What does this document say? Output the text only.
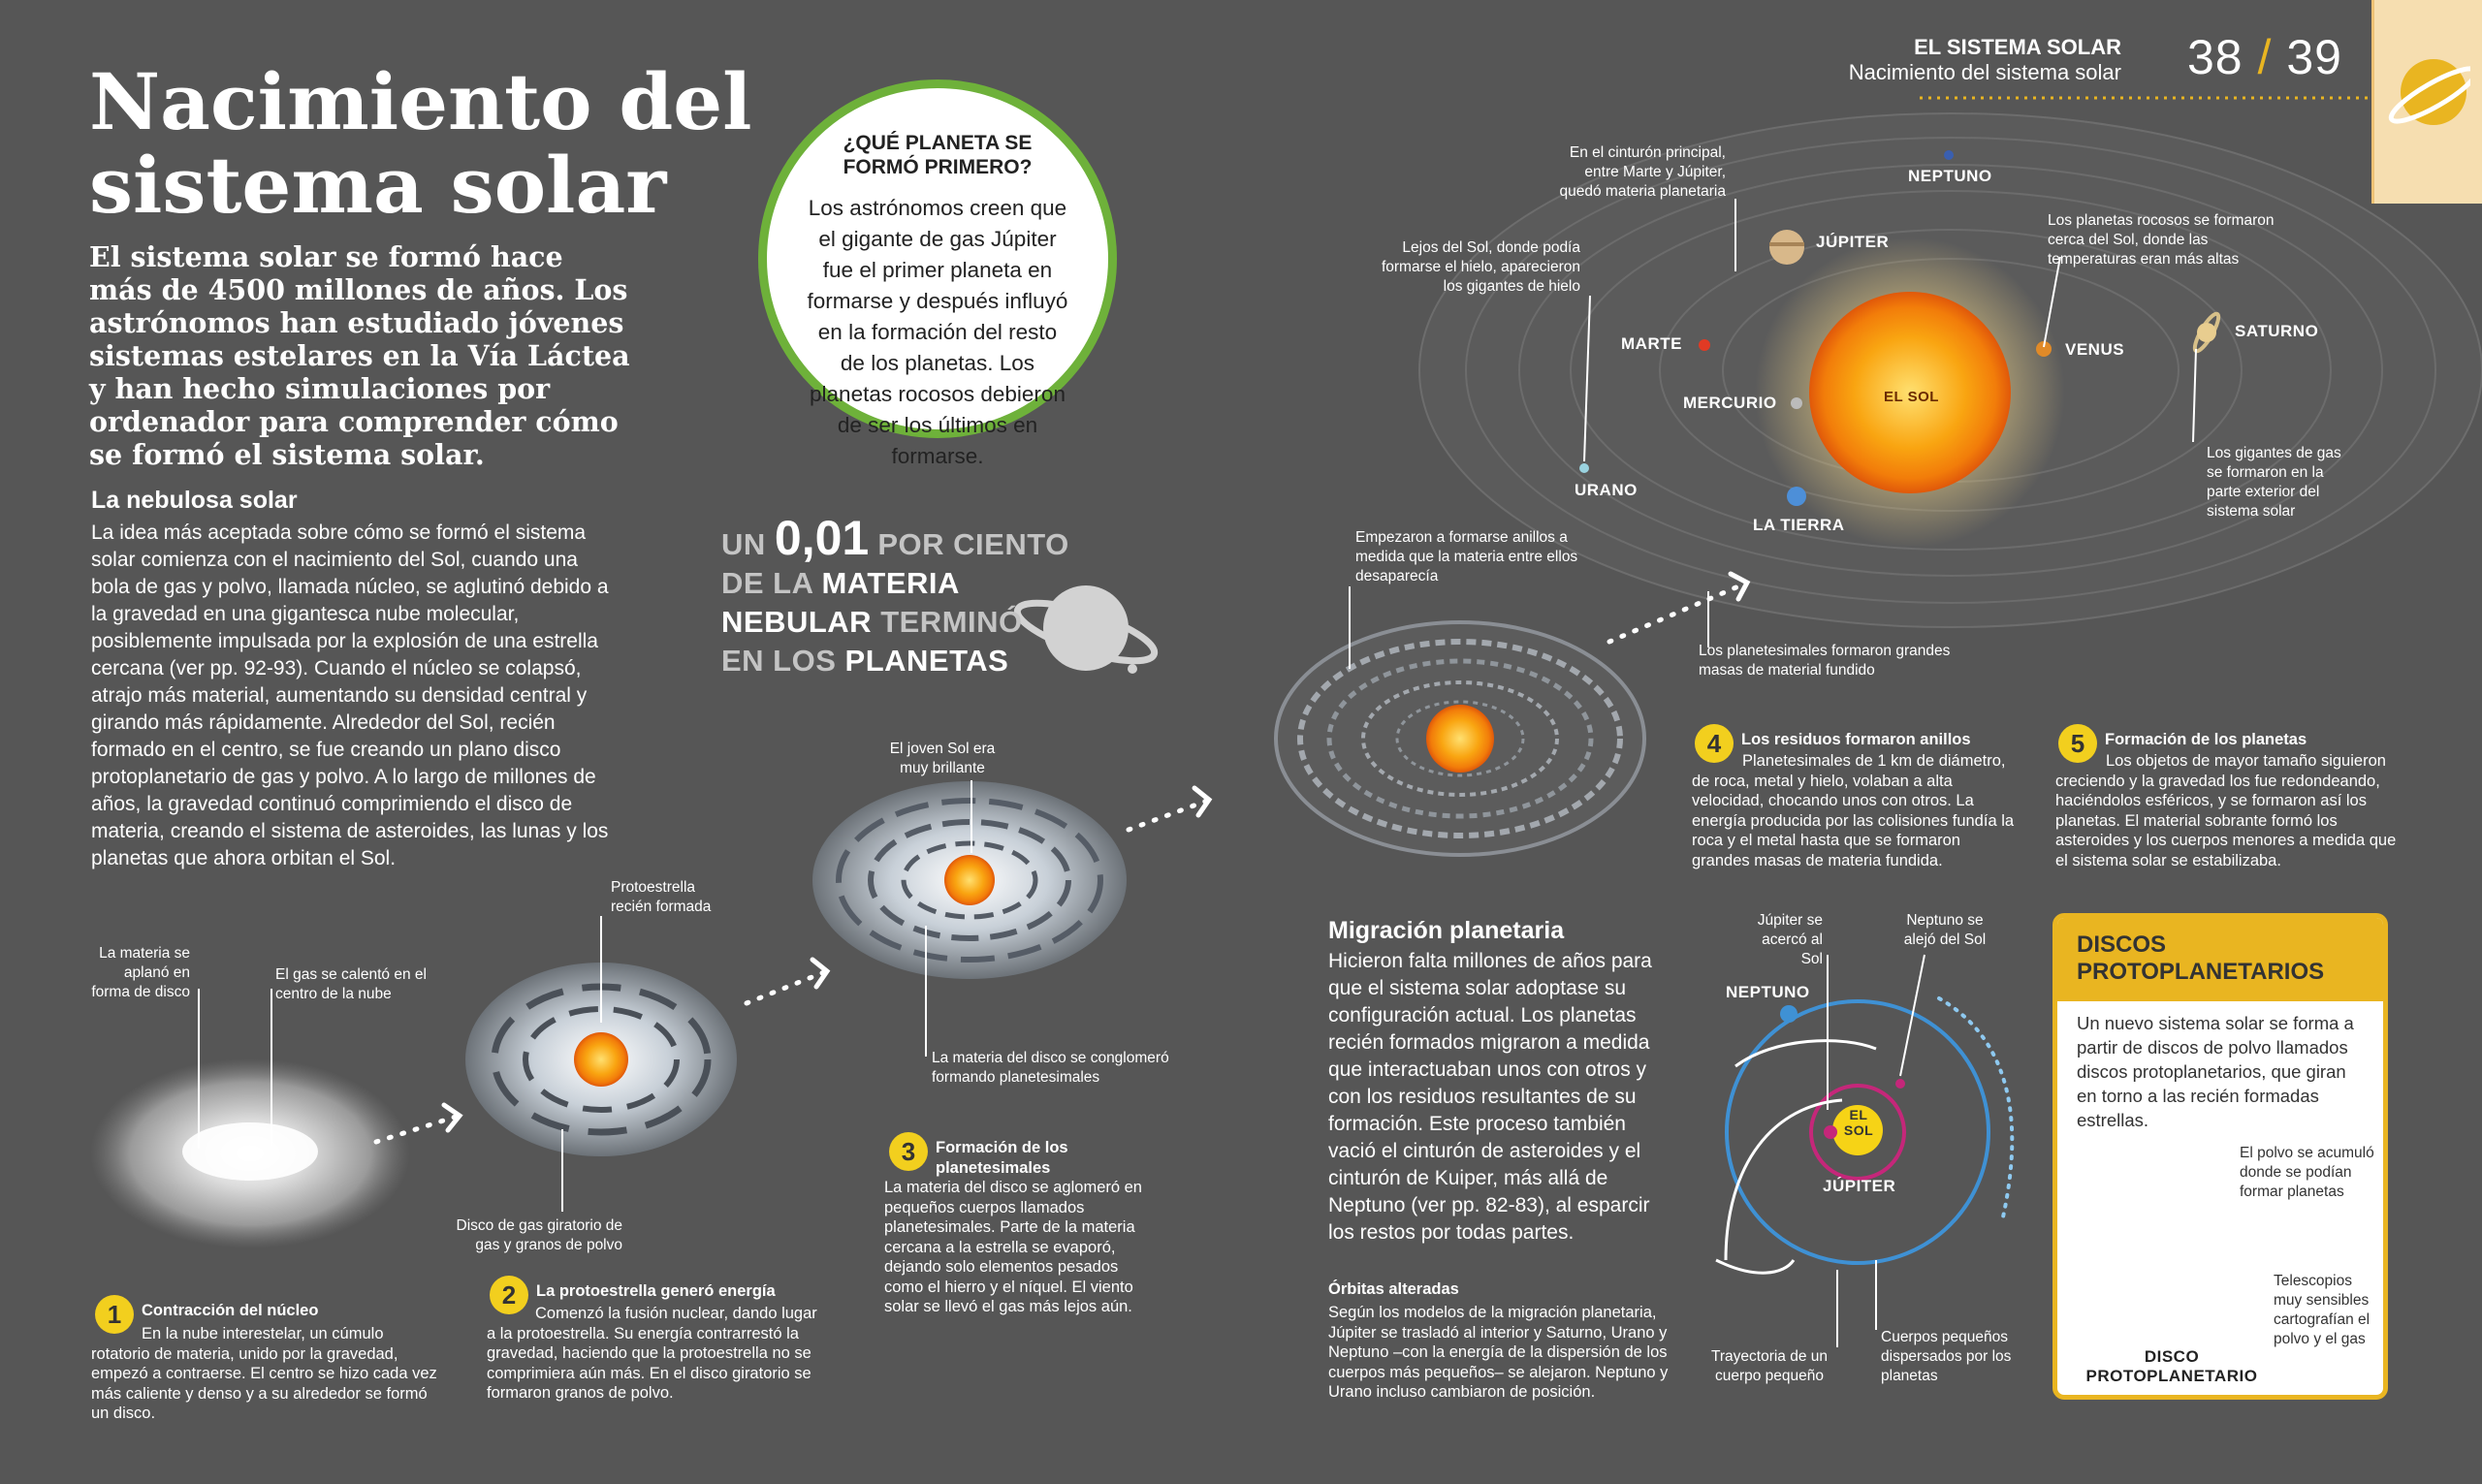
EL SISTEMA SOLAR
Nacimiento del sistema solar 38 / 39
Nacimiento del
sistema solar
El sistema solar se formó hace más de 4500 millones de años. Los astrónomos han estudiado jóvenes sistemas estelares en la Vía Láctea y han hecho simulaciones por ordenador para comprender cómo se formó el sistema solar.
La nebulosa solar
La idea más aceptada sobre cómo se formó el sistema solar comienza con el nacimiento del Sol, cuando una bola de gas y polvo, llamada núcleo, se aglutinó debido a la gravedad en una gigantesca nube molecular, posiblemente impulsada por la explosión de una estrella cercana (ver pp. 92-93). Cuando el núcleo se colapsó, atrajo más material, aumentando su densidad central y girando más rápidamente. Alrededor del Sol, recién formado en el centro, se fue creando un plano disco protoplanetario de gas y polvo. A lo largo de millones de años, la gravedad continuó comprimiendo el disco de materia, creando el sistema de asteroides, las lunas y los planetas que ahora orbitan el Sol.
¿QUÉ PLANETA SE FORMÓ PRIMERO?
Los astrónomos creen que el gigante de gas Júpiter fue el primer planeta en formarse y después influyó en la formación del resto de los planetas. Los planetas rocosos debieron de ser los últimos en formarse.
UN 0,01 POR CIENTO
DE LA MATERIA
NEBULAR TERMINÓ
EN LOS PLANETAS
La materia se aplanó en forma de disco
El gas se calentó en el centro de la nube
1	Contracción del núcleo
En la nube interestelar, un cúmulo rotatorio de materia, unido por la gravedad, empezó a contraerse. El centro se hizo cada vez más caliente y denso y a su alrededor se formó un disco.
Protoestrella recién formada
Disco de gas giratorio de gas y granos de polvo
2	La protoestrella generó energía
Comenzó la fusión nuclear, dando lugar a la protoestrella. Su energía contrarrestó la gravedad, haciendo que la protoestrella no se comprimiera aún más. En el disco giratorio se formaron granos de polvo.
El joven Sol era muy brillante
La materia del disco se conglomeró formando planetesimales
3	Formación de los planetesimales
La materia del disco se aglomeró en pequeños cuerpos llamados planetesimales. Parte de la materia cercana a la estrella se evaporó, dejando solo elementos pesados como el hierro y el níquel. El viento solar se llevó el gas más lejos aún.
Empezaron a formarse anillos a medida que la materia entre ellos desaparecía
Los planetesimales formaron grandes masas de material fundido
4	Los residuos formaron anillos
Planetesimales de 1 km de diámetro, de roca, metal y hielo, volaban a alta velocidad, chocando unos con otros. La energía producida por las colisiones fundía la roca y el metal hasta que se formaron grandes masas de materia fundida.
5	Formación de los planetas
Los objetos de mayor tamaño siguieron creciendo y la gravedad los fue redondeando, haciéndolos esféricos, y se formaron así los planetas. El material sobrante formó los asteroides y los cuerpos menores a medida que el sistema solar se estabilizaba.
EL SOL
NEPTUNO
JÚPITER
MARTE	VENUS
SATURNO
MERCURIO
URANO
LA TIERRA
En el cinturón principal, entre Marte y Júpiter, quedó materia planetaria
Lejos del Sol, donde podía formarse el hielo, aparecieron los gigantes de hielo
Los planetas rocosos se formaron cerca del Sol, donde las temperaturas eran más altas
Los gigantes de gas se formaron en la parte exterior del sistema solar
Migración planetaria
Hicieron falta millones de años para que el sistema solar adoptase su configuración actual. Los planetas recién formados migraron a medida que interactuaban unos con otros y con los residuos resultantes de su formación. Este proceso también vació el cinturón de asteroides y el cinturón de Kuiper, más allá de Neptuno (ver pp. 82-83), al esparcir los restos por todas partes.
Órbitas alteradas
Según los modelos de la migración planetaria, Júpiter se trasladó al interior y Saturno, Urano y Neptuno –con la energía de la dispersión de los cuerpos más pequeños– se alejaron. Neptuno y Urano incluso cambiaron de posición.
Júpiter se acercó al Sol
Neptuno se alejó del Sol
NEPTUNO
EL SOL
JÚPITER
Trayectoria de un cuerpo pequeño
Cuerpos pequeños dispersados por los planetas
DISCOS PROTOPLANETARIOS
Un nuevo sistema solar se forma a partir de discos de polvo llamados discos protoplanetarios, que giran en torno a las recién formadas estrellas.
El polvo se acumuló donde se podían formar planetas
Telescopios muy sensibles cartografían el polvo y el gas
DISCO PROTOPLANETARIO
